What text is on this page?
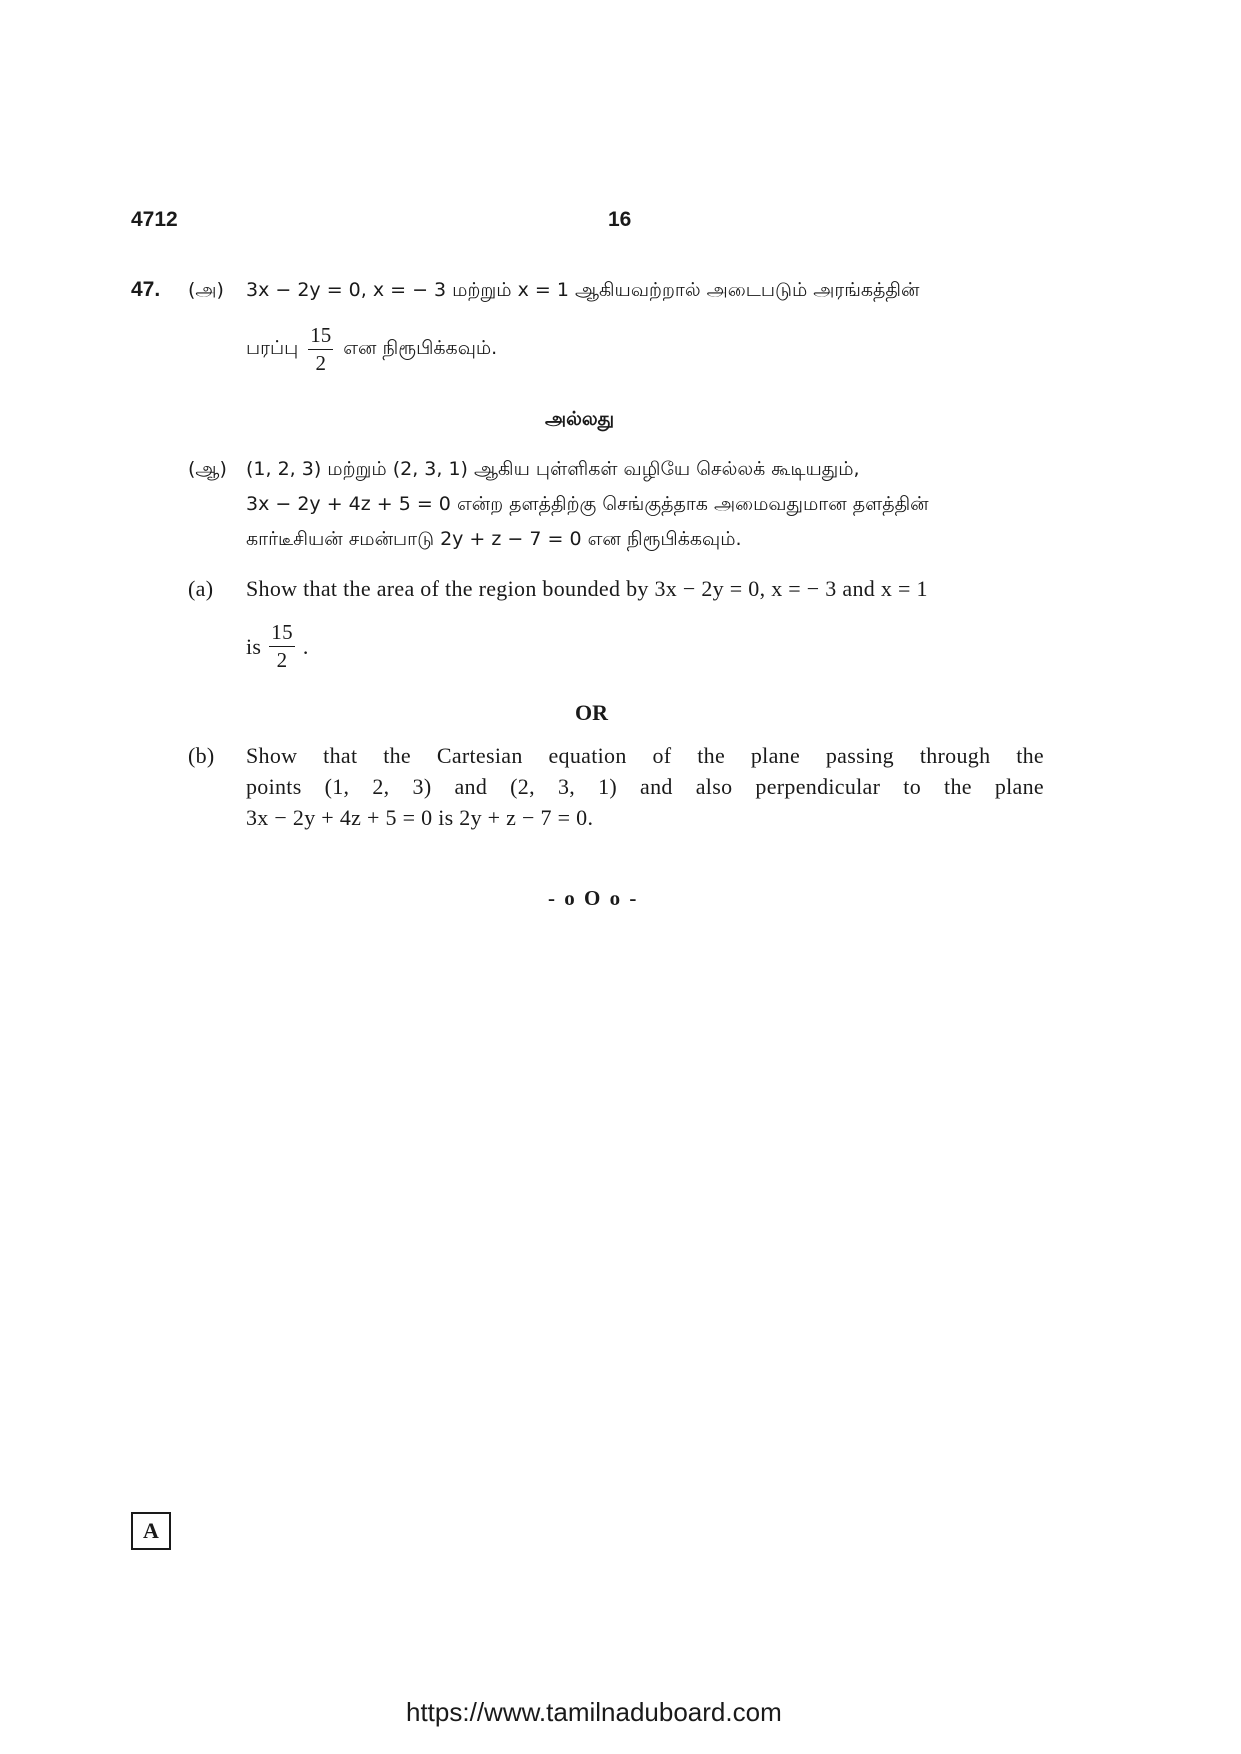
4712	16
47. (அ) 3x − 2y = 0, x = − 3 மற்றும் x = 1 ஆகியவற்றால் அடைபடும் அரங்கத்தின்
பரப்பு $\frac{15}{2}$ என நிரூபிக்கவும்.
அல்லது
(ஆ) (1, 2, 3) மற்றும் (2, 3, 1) ஆகிய புள்ளிகள் வழியே செல்லக் கூடியதும்,
3x − 2y + 4z + 5 = 0 என்ற தளத்திற்கு செங்குத்தாக அமைவதுமான தளத்தின்
கார்டீசியன் சமன்பாடு 2y + z − 7 = 0 என நிரூபிக்கவும்.
(a) Show that the area of the region bounded by 3x − 2y = 0, x = − 3 and x = 1
is $\frac{15}{2}$ .
OR
(b) Show that the Cartesian equation of the plane passing through the
points (1, 2, 3) and (2, 3, 1) and also perpendicular to the plane
3x − 2y + 4z + 5 = 0 is 2y + z − 7 = 0.
- o O o -
A
https://www.tamilnaduboard.com
